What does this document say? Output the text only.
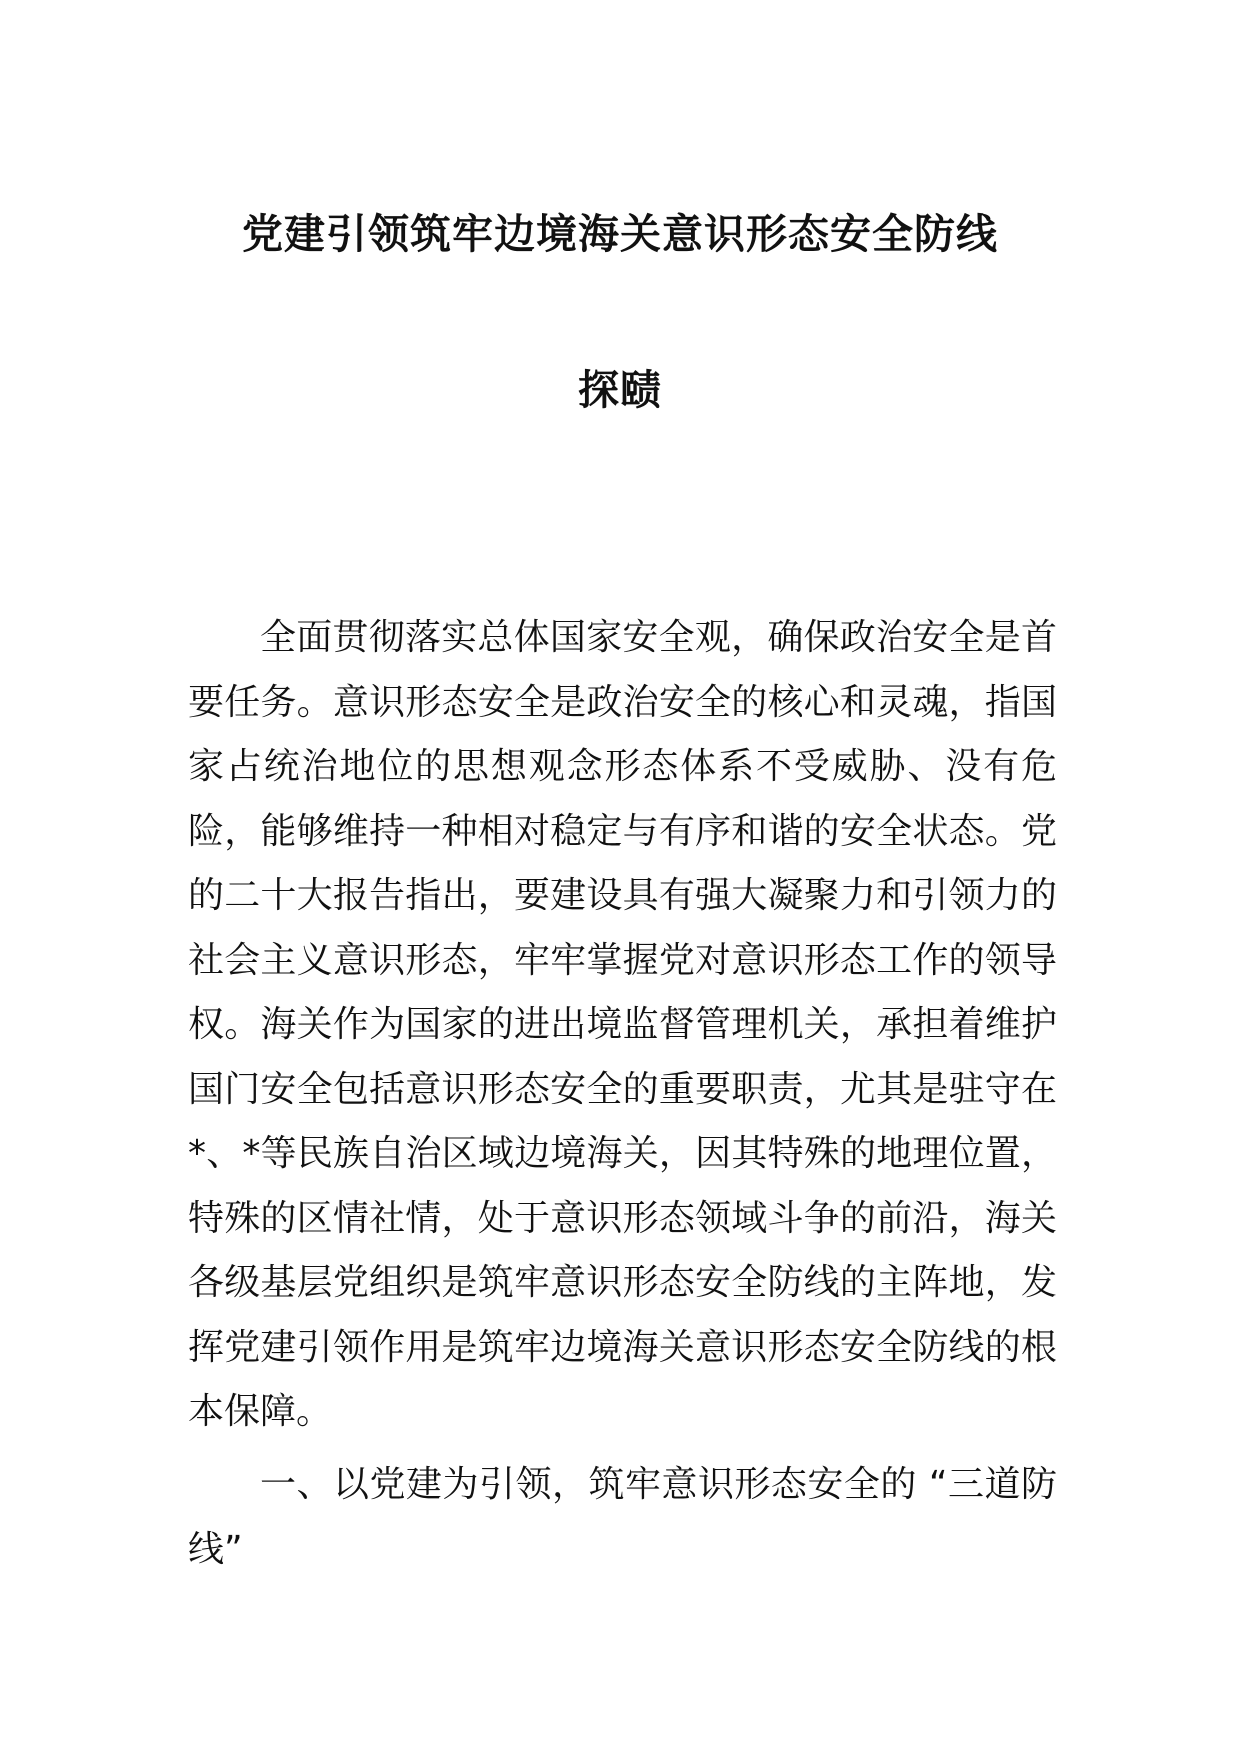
党建引领筑牢边境海关意识形态安全防线
探赜

全面贯彻落实总体国家安全观，确保政治安全是首要任务。意识形态安全是政治安全的核心和灵魂，指国家占统治地位的思想观念形态体系不受威胁、没有危险，能够维持一种相对稳定与有序和谐的安全状态。党的二十大报告指出，要建设具有强大凝聚力和引领力的社会主义意识形态，牢牢掌握党对意识形态工作的领导权。海关作为国家的进出境监督管理机关，承担着维护国门安全包括意识形态安全的重要职责，尤其是驻守在*、*等民族自治区域边境海关，因其特殊的地理位置，特殊的区情社情，处于意识形态领域斗争的前沿，海关各级基层党组织是筑牢意识形态安全防线的主阵地，发挥党建引领作用是筑牢边境海关意识形态安全防线的根本保障。

一、以党建为引领，筑牢意识形态安全的 “三道防线”
